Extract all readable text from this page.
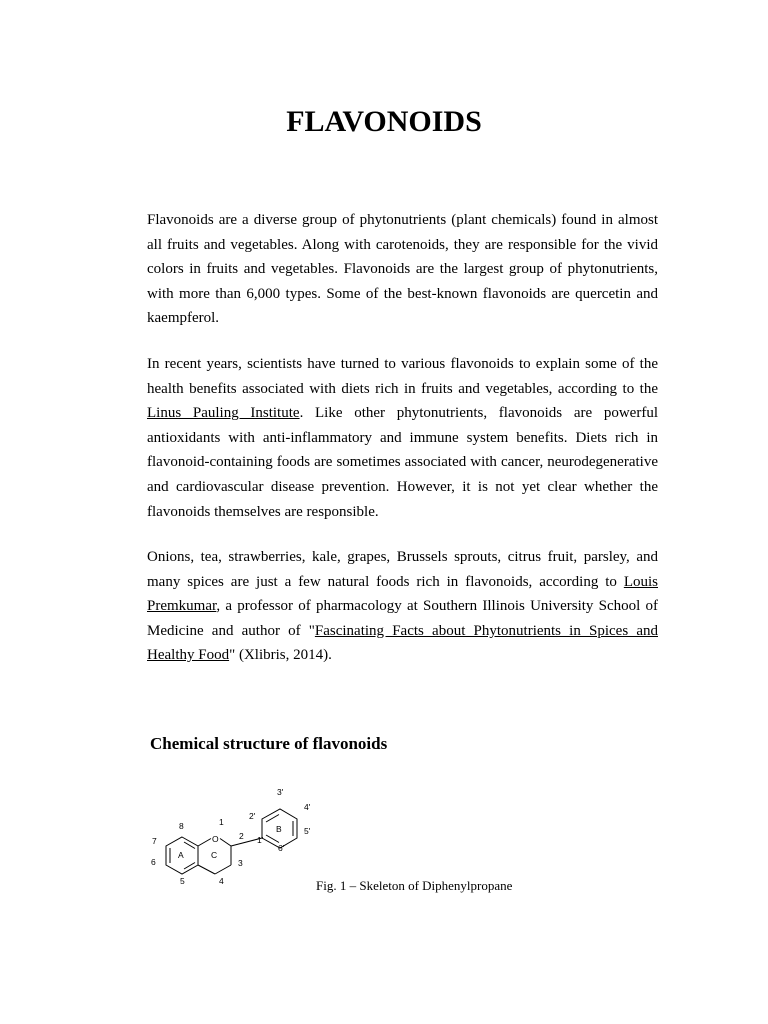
FLAVONOIDS

Flavonoids are a diverse group of phytonutrients (plant chemicals) found in almost all fruits and vegetables. Along with carotenoids, they are responsible for the vivid colors in fruits and vegetables. Flavonoids are the largest group of phytonutrients, with more than 6,000 types. Some of the best-known flavonoids are quercetin and kaempferol.

In recent years, scientists have turned to various flavonoids to explain some of the health benefits associated with diets rich in fruits and vegetables, according to the Linus Pauling Institute. Like other phytonutrients, flavonoids are powerful antioxidants with anti-inflammatory and immune system benefits. Diets rich in flavonoid-containing foods are sometimes associated with cancer, neurodegenerative and cardiovascular disease prevention. However, it is not yet clear whether the flavonoids themselves are responsible.

Onions, tea, strawberries, kale, grapes, Brussels sprouts, citrus fruit, parsley, and many spices are just a few natural foods rich in flavonoids, according to Louis Premkumar, a professor of pharmacology at Southern Illinois University School of Medicine and author of "Fascinating Facts about Phytonutrients in Spices and Healthy Food" (Xlibris, 2014).

Chemical structure of flavonoids
O
A	C
B
1
2
3
4
5
6
7
8
1'
2'
3'
4'
5'
6'

Fig. 1 – Skeleton of Diphenylpropane
